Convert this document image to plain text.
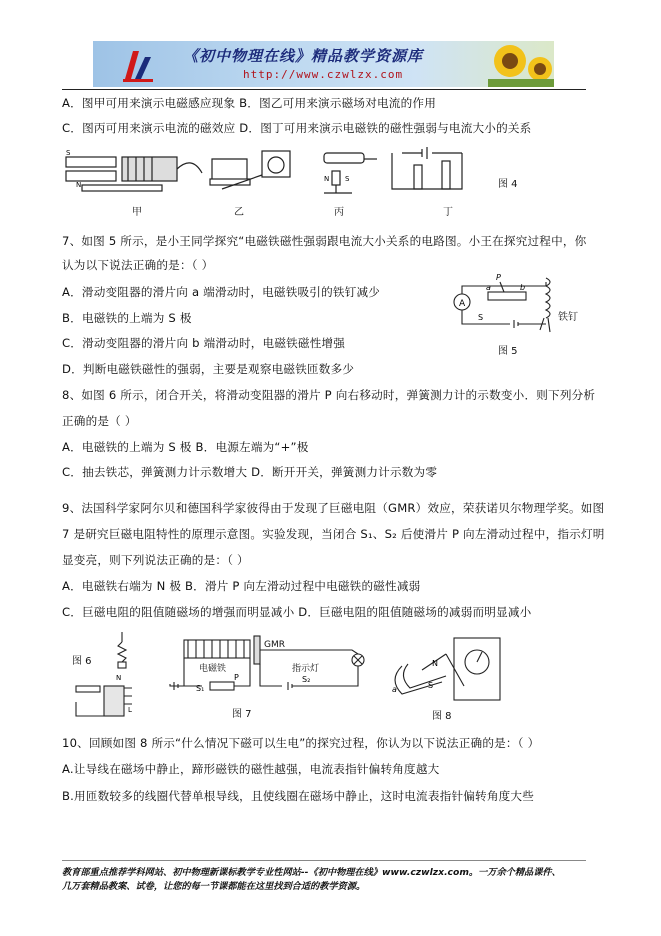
《初中物理在线》精品教学资源库
http://www.czwlzx.com
A．图甲可用来演示电磁感应现象 B．图乙可用来演示磁场对电流的作用
C．图丙可用来演示电流的磁效应 D．图丁可用来演示电磁铁的磁性强弱与电流大小的关系
S
N
N S
甲	乙	丙	丁
图 4
7、如图 5 所示，是小王同学探究“电磁铁磁性强弱跟电流大小关系的电路图。小王在探究过程中，你
认为以下说法正确的是：（ ）
A．滑动变阻器的滑片向 a 端滑动时，电磁铁吸引的铁钉减少
B．电磁铁的上端为 S 极
C．滑动变阻器的滑片向 b 端滑动时，电磁铁磁性增强
D．判断电磁铁磁性的强弱，主要是观察电磁铁匝数多少
A
P
a	b
S	铁钉
图 5
8、如图 6 所示，闭合开关，将滑动变阻器的滑片 P 向右移动时，弹簧测力计的示数变小．则下列分析
正确的是（ ）
A．电磁铁的上端为 S 极 B．电源左端为“+”极
C．抽去铁芯，弹簧测力计示数增大 D．断开开关，弹簧测力计示数为零
9、法国科学家阿尔贝和德国科学家彼得由于发现了巨磁电阻（GMR）效应，荣获诺贝尔物理学奖。如图
7 是研究巨磁电阻特性的原理示意图。实验发现，当闭合 S₁、S₂ 后使滑片 P 向左滑动过程中，指示灯明
显变亮，则下列说法正确的是：（ ）
A．电磁铁右端为 N 极 B．滑片 P 向左滑动过程中电磁铁的磁性减弱
C．巨磁电阻的阻值随磁场的增强而明显减小 D．巨磁电阻的阻值随磁场的减弱而明显减小
N
L
S₁
S₂
P
a
N
S
图 6
电磁铁
GMR
指示灯
图 7	图 8
10、回顾如图 8 所示“什么情况下磁可以生电”的探究过程，你认为以下说法正确的是：（ ）
A.让导线在磁场中静止，蹄形磁铁的磁性越强，电流表指针偏转角度越大
B.用匝数较多的线圈代替单根导线，且使线圈在磁场中静止，这时电流表指针偏转角度大些
教育部重点推荐学科网站、初中物理新课标教学专业性网站--《初中物理在线》www.czwlzx.com。一万余个精品课件、
几万套精品教案、试卷，让您的每一节课都能在这里找到合适的教学资源。
